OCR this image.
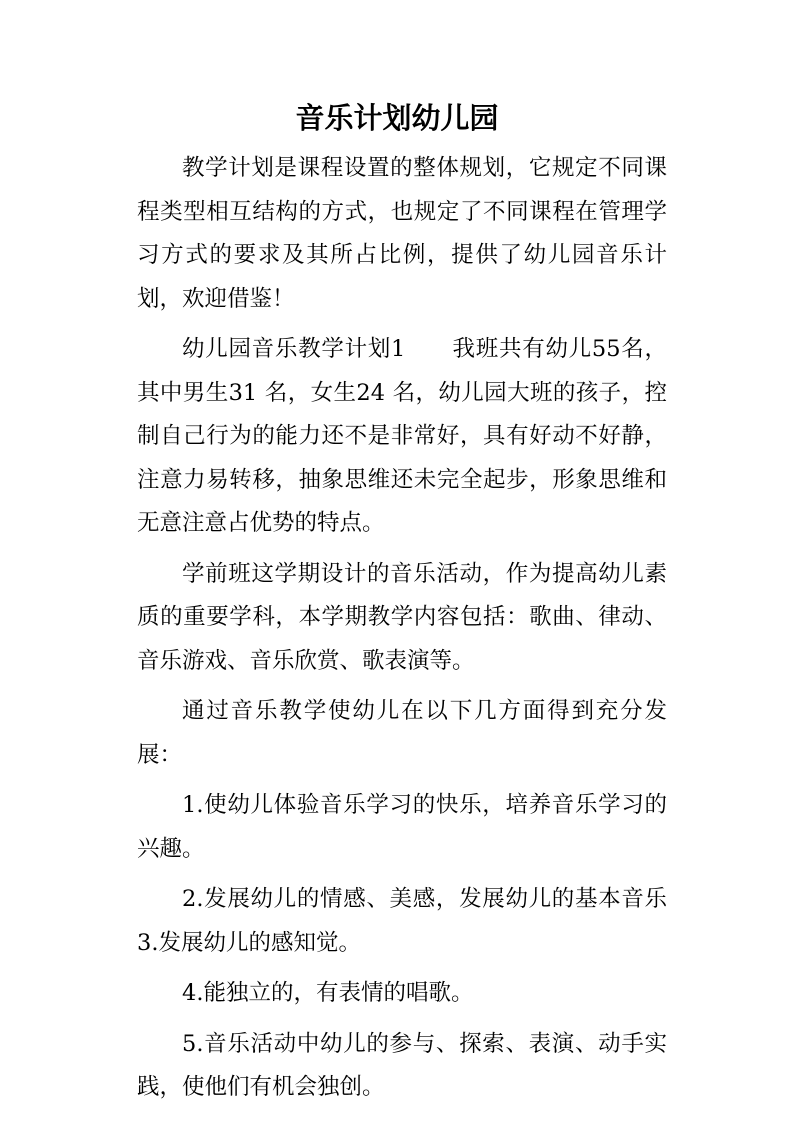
音乐计划幼儿园

教学计划是课程设置的整体规划，它规定不同课程类型相互结构的方式，也规定了不同课程在管理学习方式的要求及其所占比例，提供了幼儿园音乐计划，欢迎借鉴！

幼儿园音乐教学计划1　　我班共有幼儿55名，其中男生31 名，女生24 名，幼儿园大班的孩子，控制自己行为的能力还不是非常好，具有好动不好静，注意力易转移，抽象思维还未完全起步，形象思维和无意注意占优势的特点。

学前班这学期设计的音乐活动，作为提高幼儿素质的重要学科，本学期教学内容包括：歌曲、律动、音乐游戏、音乐欣赏、歌表演等。

通过音乐教学使幼儿在以下几方面得到充分发展：

1.使幼儿体验音乐学习的快乐，培养音乐学习的兴趣。

2.发展幼儿的情感、美感，发展幼儿的基本音乐3.发展幼儿的感知觉。

4.能独立的，有表情的唱歌。

5.音乐活动中幼儿的参与、探索、表演、动手实践，使他们有机会独创。
